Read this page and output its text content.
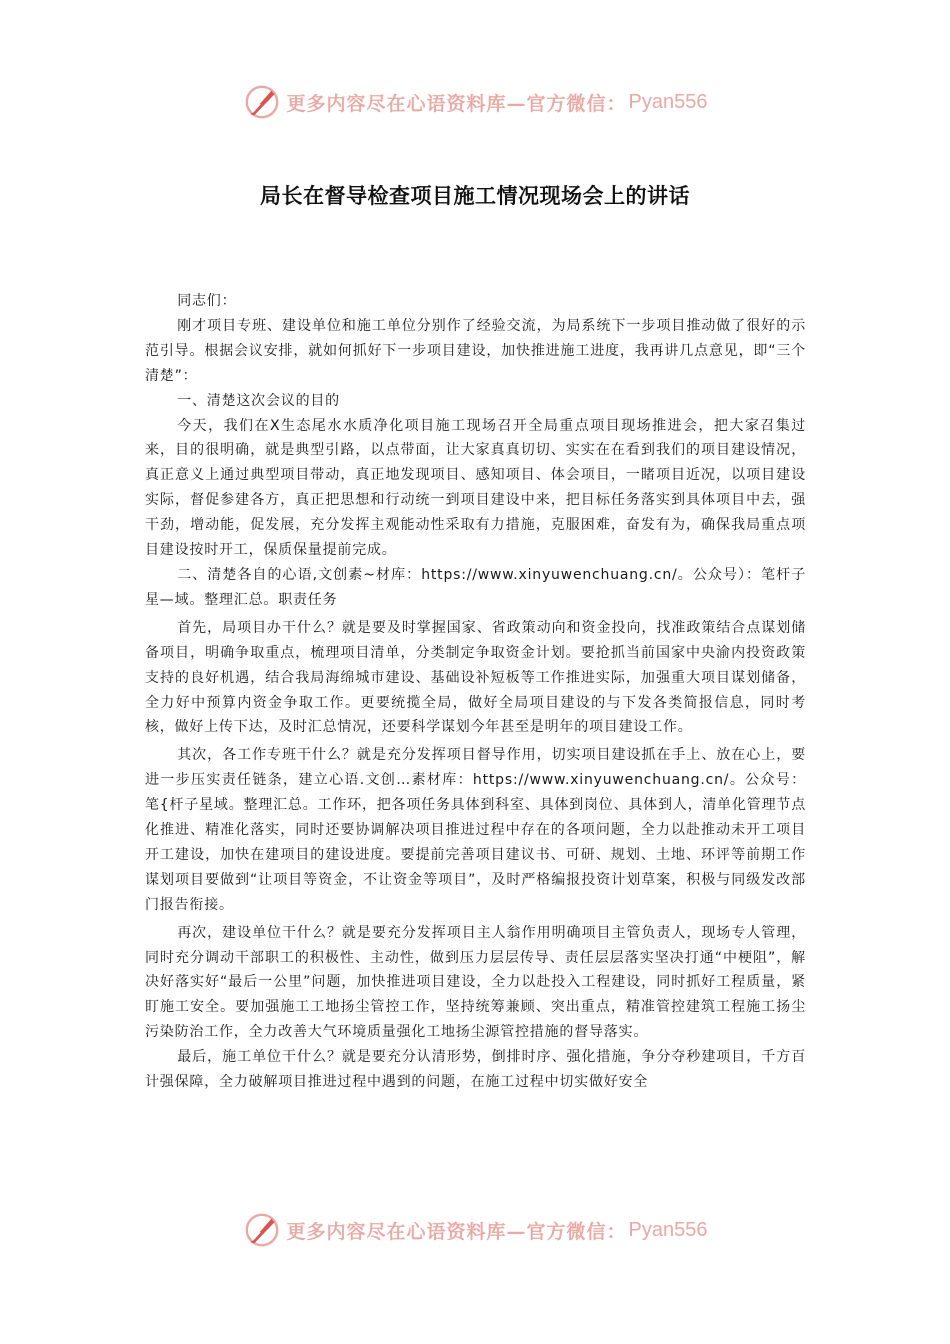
更多内容尽在心语资料库—官方微信： Pyan556
局长在督导检查项目施工情况现场会上的讲话

同志们：

刚才项目专班、建设单位和施工单位分别作了经验交流，为局系统下一步项目推动做了很好的示范引导。根据会议安排，就如何抓好下一步项目建设，加快推进施工进度，我再讲几点意见，即“三个清楚”：

一、清楚这次会议的目的

今天，我们在X生态尾水水质净化项目施工现场召开全局重点项目现场推进会，把大家召集过来，目的很明确，就是典型引路，以点带面，让大家真真切切、实实在在看到我们的项目建设情况，真正意义上通过典型项目带动，真正地发现项目、感知项目、体会项目，一睹项目近况，以项目建设实际，督促参建各方，真正把思想和行动统一到项目建设中来，把目标任务落实到具体项目中去，强干劲，增动能，促发展，充分发挥主观能动性采取有力措施，克服困难，奋发有为，确保我局重点项目建设按时开工，保质保量提前完成。

二、清楚各自的心语,文创素~材库：https://www.xinyuwenchuang.cn/。公众号）：笔杆子星—域。整理汇总。职责任务

首先，局项目办干什么？就是要及时掌握国家、省政策动向和资金投向，找准政策结合点谋划储备项目，明确争取重点，梳理项目清单，分类制定争取资金计划。要抢抓当前国家中央渝内投资政策支持的良好机遇，结合我局海绵城市建设、基础设补短板等工作推进实际，加强重大项目谋划储备，全力好中预算内资金争取工作。更要统揽全局，做好全局项目建设的与下发各类简报信息，同时考核，做好上传下达，及时汇总情况，还要科学谋划今年甚至是明年的项目建设工作。

其次，各工作专班干什么？就是充分发挥项目督导作用，切实项目建设抓在手上、放在心上，要进一步压实责任链条，建立心语.文创…素材库：https://www.xinyuwenchuang.cn/。公众号：笔{杆子星域。整理汇总。工作环，把各项任务具体到科室、具体到岗位、具体到人，清单化管理节点化推进、精准化落实，同时还要协调解决项目推进过程中存在的各项问题，全力以赴推动未开工项目开工建设，加快在建项目的建设进度。要提前完善项目建议书、可研、规划、土地、环评等前期工作谋划项目要做到“让项目等资金，不让资金等项目”，及时严格编报投资计划草案，积极与同级发改部门报告衔接。

再次，建设单位干什么？就是要充分发挥项目主人翁作用明确项目主管负责人，现场专人管理，同时充分调动干部职工的积极性、主动性，做到压力层层传导、责任层层落实坚决打通“中梗阻”，解决好落实好“最后一公里”问题，加快推进项目建设，全力以赴投入工程建设，同时抓好工程质量，紧盯施工安全。要加强施工工地扬尘管控工作，坚持统筹兼顾、突出重点，精准管控建筑工程施工扬尘污染防治工作，全力改善大气环境质量强化工地扬尘源管控措施的督导落实。

最后，施工单位干什么？就是要充分认清形势，倒排时序、强化措施，争分夺秒建项目，千方百计强保障，全力破解项目推进过程中遇到的问题，在施工过程中切实做好安全

更多内容尽在心语资料库—官方微信： Pyan556
